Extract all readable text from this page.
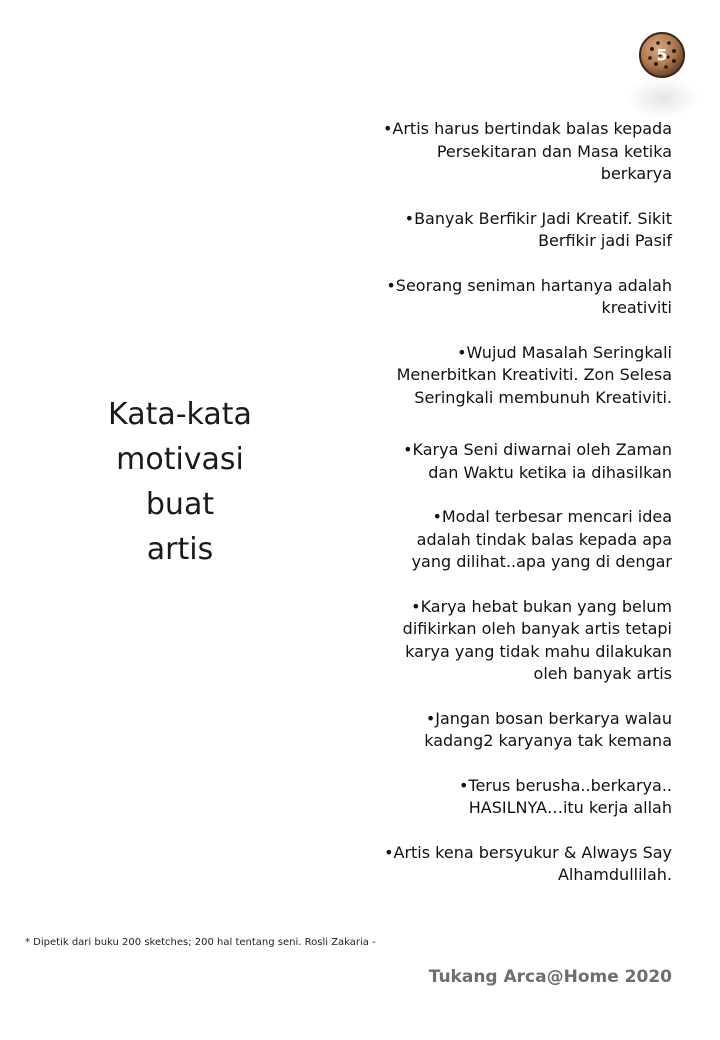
5
Kata-kata
motivasi
buat
artis

•Artis harus bertindak balas kepada
Persekitaran dan Masa ketika
berkarya

•Banyak Berfikir Jadi Kreatif. Sikit
Berfikir jadi Pasif

•Seorang seniman hartanya adalah
kreativiti

•Wujud Masalah Seringkali
Menerbitkan Kreativiti. Zon Selesa
Seringkali membunuh Kreativiti.

•Karya Seni diwarnai oleh Zaman
dan Waktu ketika ia dihasilkan

•Modal terbesar mencari idea
adalah tindak balas kepada apa
yang dilihat..apa yang di dengar

•Karya hebat bukan yang belum
difikirkan oleh banyak artis tetapi
karya yang tidak mahu dilakukan
oleh banyak artis

•Jangan bosan berkarya walau
kadang2 karyanya tak kemana

•Terus berusha..berkarya..
HASILNYA…itu kerja allah

•Artis kena bersyukur & Always Say
Alhamdullilah.

* Dipetik dari buku 200 sketches; 200 hal tentang seni. Rosli Zakaria -
Tukang Arca@Home 2020
